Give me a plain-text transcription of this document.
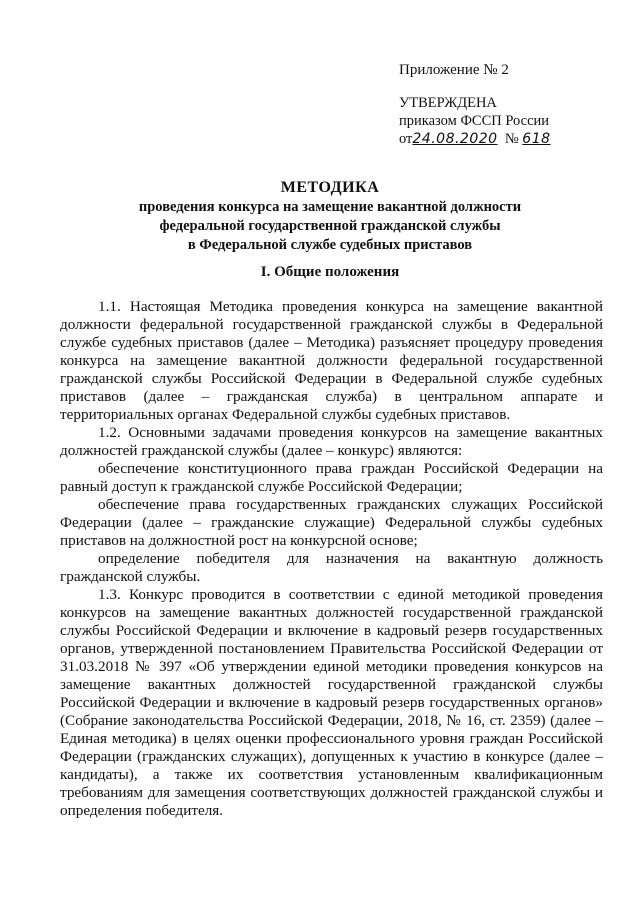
Приложение № 2
УТВЕРЖДЕНА
приказом ФССП России
от24.08.2020 № 618
МЕТОДИКА
проведения конкурса на замещение вакантной должности
федеральной государственной гражданской службы
в Федеральной службе судебных приставов
I. Общие положения

1.1. Настоящая Методика проведения конкурса на замещение вакантной должности федеральной государственной гражданской службы в Федеральной службе судебных приставов (далее – Методика) разъясняет процедуру проведения конкурса на замещение вакантной должности федеральной государственной гражданской службы Российской Федерации в Федеральной службе судебных приставов (далее – гражданская служба) в центральном аппарате и территориальных органах Федеральной службы судебных приставов.

1.2. Основными задачами проведения конкурсов на замещение вакантных должностей гражданской службы (далее – конкурс) являются:

обеспечение конституционного права граждан Российской Федерации на равный доступ к гражданской службе Российской Федерации;

обеспечение права государственных гражданских служащих Российской Федерации (далее – гражданские служащие) Федеральной службы судебных приставов на должностной рост на конкурсной основе;

определение победителя для назначения на вакантную должность гражданской службы.

1.3. Конкурс проводится в соответствии с единой методикой проведения конкурсов на замещение вакантных должностей государственной гражданской службы Российской Федерации и включение в кадровый резерв государственных органов, утвержденной постановлением Правительства Российской Федерации от 31.03.2018 № 397 «Об утверждении единой методики проведения конкурсов на замещение вакантных должностей государственной гражданской службы Российской Федерации и включение в кадровый резерв государственных органов» (Собрание законодательства Российской Федерации, 2018, № 16, ст. 2359) (далее – Единая методика) в целях оценки профессионального уровня граждан Российской Федерации (гражданских служащих), допущенных к участию в конкурсе (далее – кандидаты), а также их соответствия установленным квалификационным требованиям для замещения соответствующих должностей гражданской службы и определения победителя.
